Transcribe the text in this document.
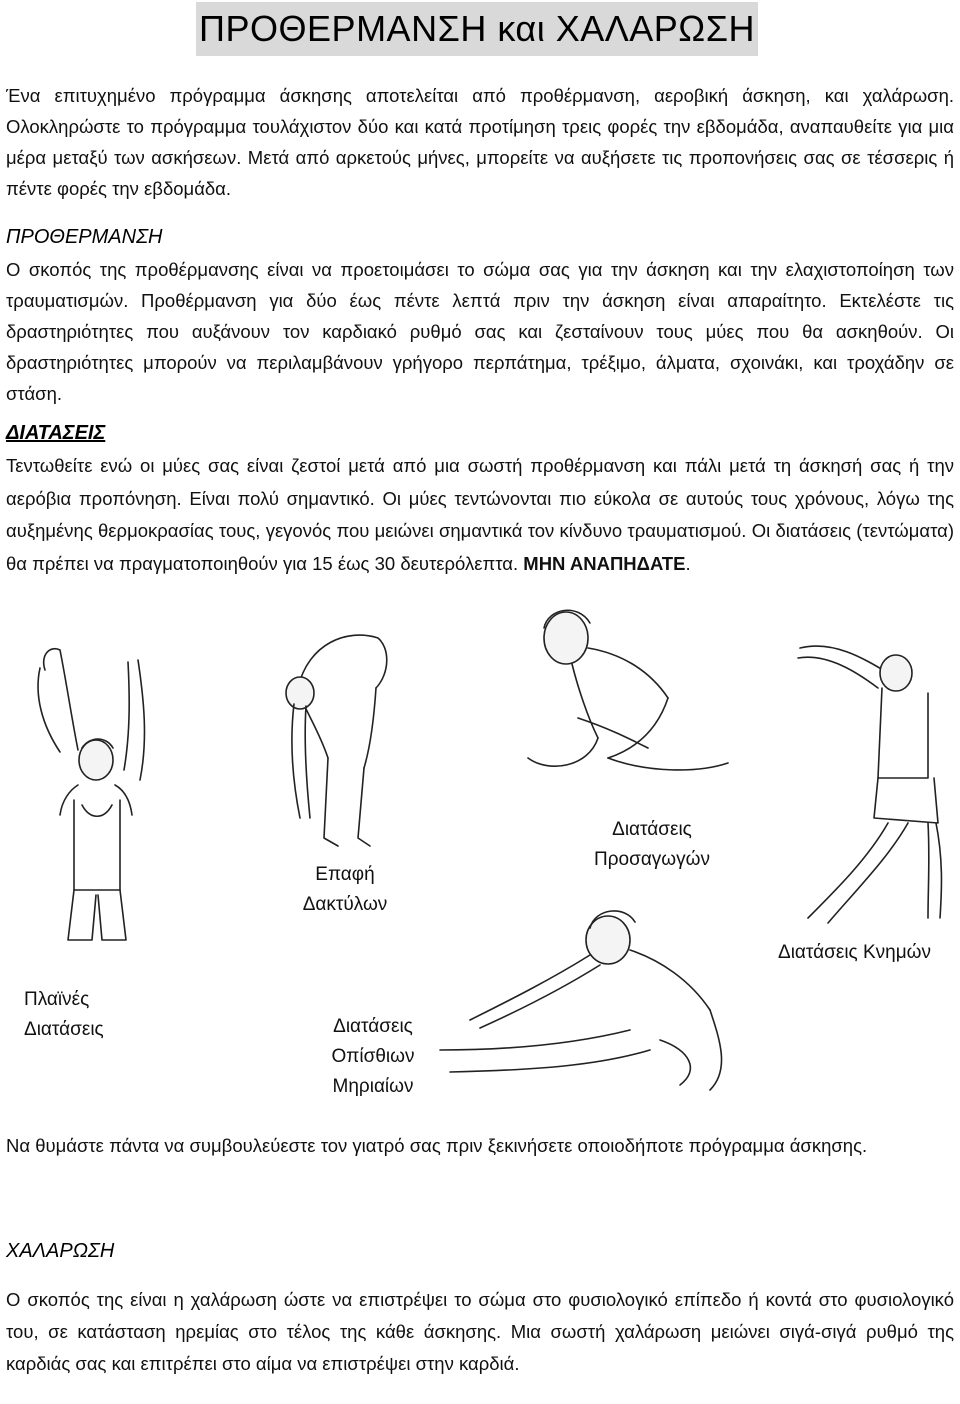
ΠΡΟΘΕΡΜΑΝΣΗ και ΧΑΛΑΡΩΣΗ

Ένα επιτυχημένο πρόγραμμα άσκησης αποτελείται από προθέρμανση, αεροβική άσκηση, και χαλάρωση. Ολοκληρώστε το πρόγραμμα τουλάχιστον δύο και κατά προτίμηση τρεις φορές την εβδομάδα, αναπαυθείτε για μια μέρα μεταξύ των ασκήσεων. Μετά από αρκετούς μήνες, μπορείτε να αυξήσετε τις προπονήσεις σας σε τέσσερις ή πέντε φορές την εβδομάδα.

ΠΡΟΘΕΡΜΑΝΣΗ

Ο σκοπός της προθέρμανσης είναι να προετοιμάσει το σώμα σας για την άσκηση και την ελαχιστοποίηση των τραυματισμών. Προθέρμανση για δύο έως πέντε λεπτά πριν την άσκηση είναι απαραίτητο. Εκτελέστε τις δραστηριότητες που αυξάνουν τον καρδιακό ρυθμό σας και ζεσταίνουν τους μύες που θα ασκηθούν. Οι δραστηριότητες μπορούν να περιλαμβάνουν γρήγορο περπάτημα, τρέξιμο, άλματα, σχοινάκι, και τροχάδην σε στάση.

ΔΙΑΤΑΣΕΙΣ

Τεντωθείτε ενώ οι μύες σας είναι ζεστοί μετά από μια σωστή προθέρμανση και πάλι μετά τη άσκησή σας ή την αερόβια προπόνηση. Είναι πολύ σημαντικό. Οι μύες τεντώνονται πιο εύκολα σε αυτούς τους χρόνους, λόγω της αυξημένης θερμοκρασίας τους, γεγονός που μειώνει σημαντικά τον κίνδυνο τραυματισμού. Οι διατάσεις (τεντώματα) θα πρέπει να πραγματοποιηθούν για 15 έως 30 δευτερόλεπτα. ΜΗΝ ΑΝΑΠΗΔΑΤΕ.

Πλαϊνές
Διατάσεις
Επαφή
Δακτύλων
Διατάσεις
Προσαγωγών
Διατάσεις Κνημών
Διατάσεις
Οπίσθιων
Μηριαίων

Να θυμάστε πάντα να συμβουλεύεστε τον γιατρό σας πριν ξεκινήσετε οποιοδήποτε πρόγραμμα άσκησης.

ΧΑΛΑΡΩΣΗ

Ο σκοπός της είναι η χαλάρωση ώστε να επιστρέψει το σώμα στο φυσιολογικό επίπεδο ή κοντά στο φυσιολογικό του, σε κατάσταση ηρεμίας στο τέλος της κάθε άσκησης. Μια σωστή χαλάρωση μειώνει σιγά-σιγά ρυθμό της καρδιάς σας και επιτρέπει στο αίμα να επιστρέψει στην καρδιά.
